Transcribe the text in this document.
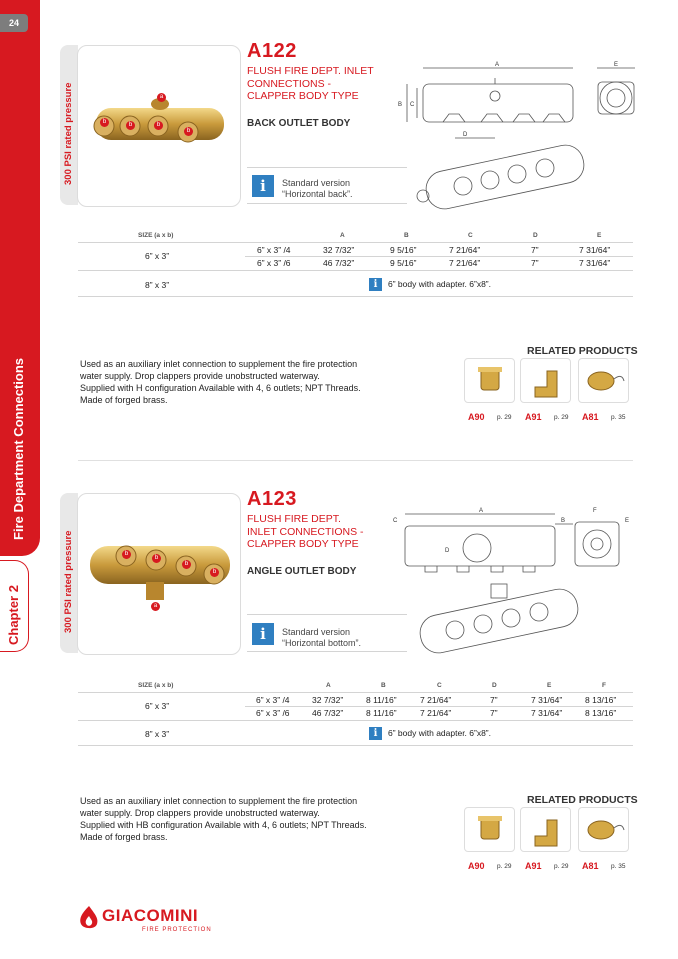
24
Fire Department Connections
Chapter 2
300 PSI rated pressure	a
b	b	b
b
A122
FLUSH FIRE DEPT. INLET
CONNECTIONS -
CLAPPER BODY TYPE
BACK OUTLET BODY
i	Standard version
“Horizontal back”.
A	E
B C
D
SIZE (a x b)	A	B	C	D	E
6” x 3”
6” x 3” /4	32 7/32”	9 5/16”	7 21/64”	7”	7 31/64”
6” x 3” /6	46 7/32”	9 5/16”	7 21/64”	7”	7 31/64”
8” x 3”	i	6” body with adapter. 6”x8”.
Used as an auxiliary inlet connection to supplement the fire protection
water supply. Drop clappers provide unobstructed waterway.
Supplied with H configuration Available with 4, 6 outlets; NPT Threads.
Made of forged brass.
RELATED PRODUCTS
A90 p. 29 A91 p. 29 A81 p. 35
300 PSI rated pressure	b
b
b
b
a
A123
FLUSH FIRE DEPT.
INLET CONNECTIONS -
CLAPPER BODY TYPE
ANGLE OUTLET BODY
i	Standard version
“Horizontal bottom”.
A
B
C
D
F
E
SIZE (a x b)	A	B	C	D	E	F
6” x 3”
6” x 3” /4	32 7/32”	8 11/16”	7 21/64”	7”	7 31/64”	8 13/16”
6” x 3” /6	46 7/32”	8 11/16”	7 21/64”	7”	7 31/64”	8 13/16”
8” x 3”	i	6” body with adapter. 6”x8”.
Used as an auxiliary inlet connection to supplement the fire protection
water supply. Drop clappers provide unobstructed waterway.
Supplied with HB configuration Available with 4, 6 outlets; NPT Threads.
Made of forged brass.
RELATED PRODUCTS
A90 p. 29 A91 p. 29 A81 p. 35
GIACOMINI
FIRE PROTECTION
